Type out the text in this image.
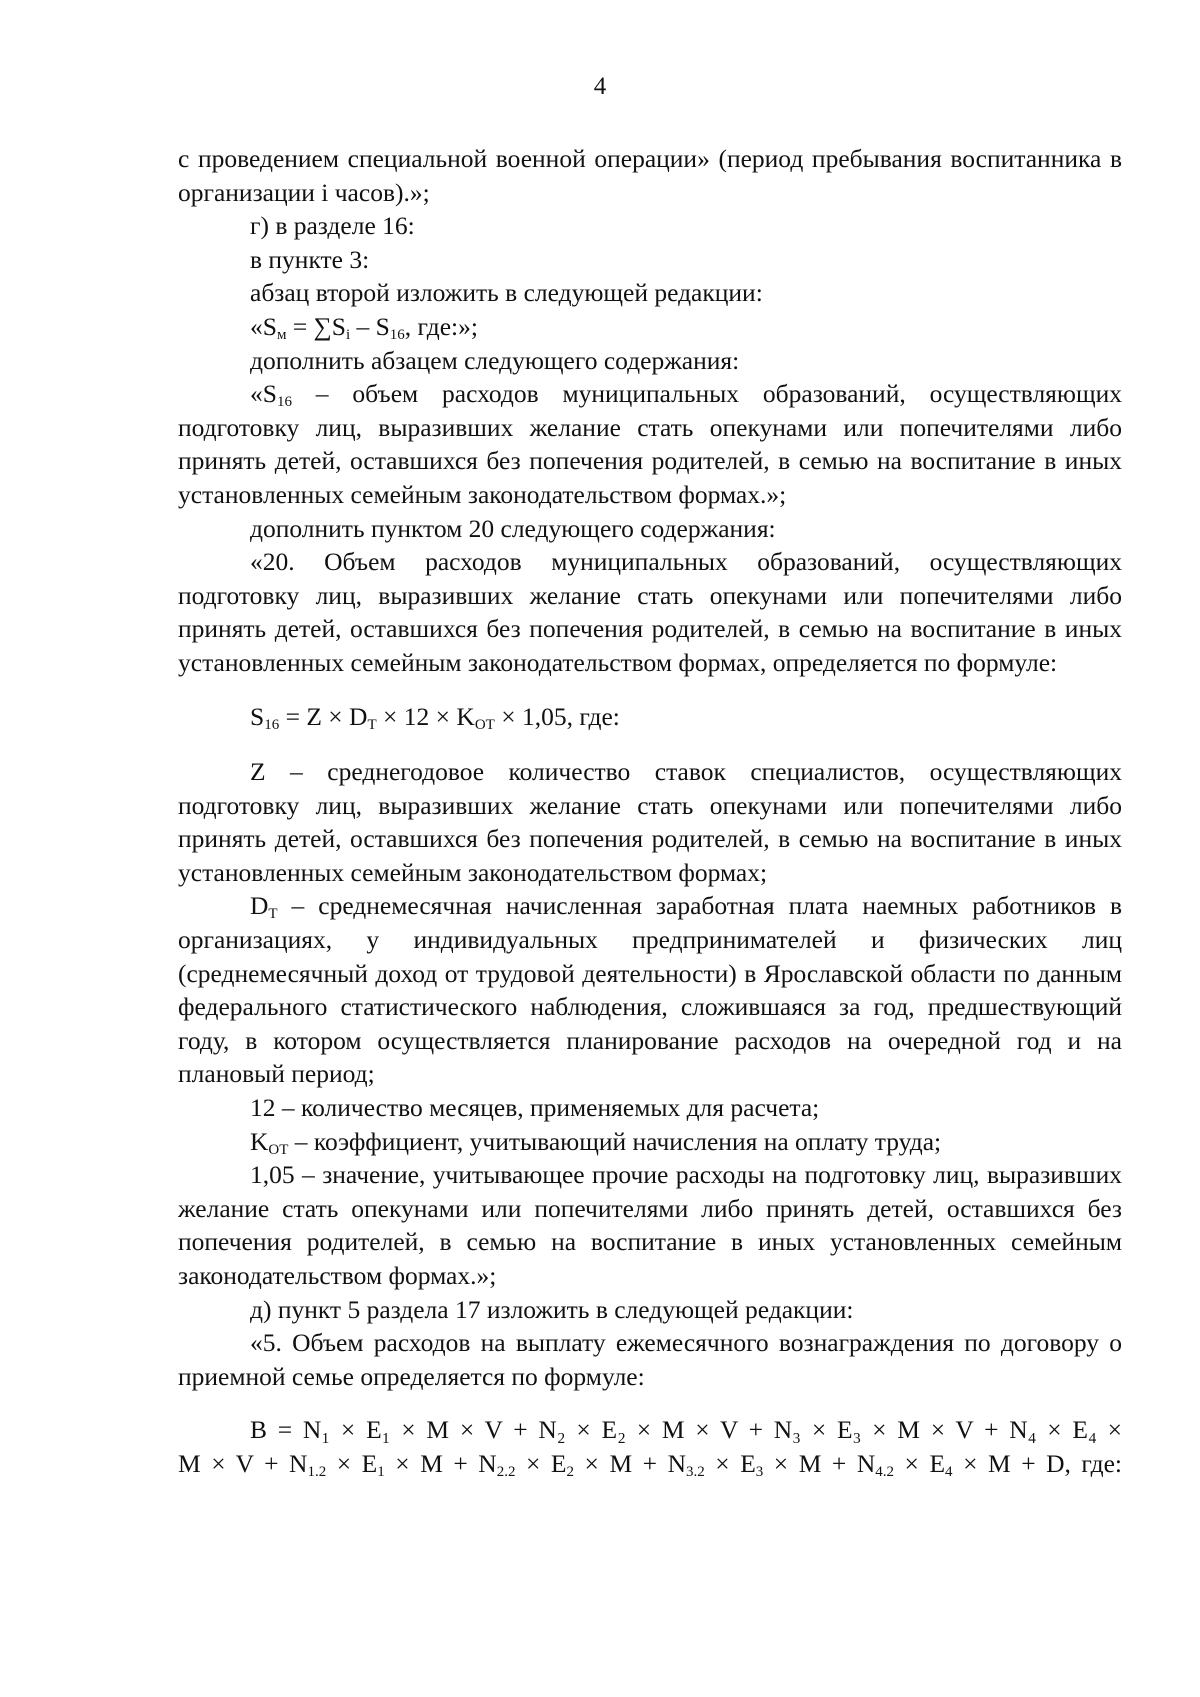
4

с проведением специальной военной операции» (период пребывания воспитанника в организации i часов).»;

г) в разделе 16:

в пункте 3:

абзац второй изложить в следующей редакции:

«$S_м = \sum S_i - S_{16}$, где:»;

дополнить абзацем следующего содержания:

«$S_{16}$ – объем расходов муниципальных образований, осуществляющих подготовку лиц, выразивших желание стать опекунами или попечителями либо принять детей, оставшихся без попечения родителей, в семью на воспитание в иных установленных семейным законодательством формах.»;

дополнить пунктом 20 следующего содержания:

«20. Объем расходов муниципальных образований, осуществляющих подготовку лиц, выразивших желание стать опекунами или попечителями либо принять детей, оставшихся без попечения родителей, в семью на воспитание в иных установленных семейным законодательством формах, определяется по формуле:

$S_{16} = Z \times D_T \times 12 \times K_{OT} \times 1,05$, где:

Z – среднегодовое количество ставок специалистов, осуществляющих подготовку лиц, выразивших желание стать опекунами или попечителями либо принять детей, оставшихся без попечения родителей, в семью на воспитание в иных установленных семейным законодательством формах;

$D_T$ – среднемесячная начисленная заработная плата наемных работников в организациях, у индивидуальных предпринимателей и физических лиц (среднемесячный доход от трудовой деятельности) в Ярославской области по данным федерального статистического наблюдения, сложившаяся за год, предшествующий году, в котором осуществляется планирование расходов на очередной год и на плановый период;

12 – количество месяцев, применяемых для расчета;

$K_{OT}$ – коэффициент, учитывающий начисления на оплату труда;

1,05 – значение, учитывающее прочие расходы на подготовку лиц, выразивших желание стать опекунами или попечителями либо принять детей, оставшихся без попечения родителей, в семью на воспитание в иных установленных семейным законодательством формах.»;

д) пункт 5 раздела 17 изложить в следующей редакции:

«5. Объем расходов на выплату ежемесячного вознаграждения по договору о приемной семье определяется по формуле:

B = N₁ × E₁ × M × V + N₂ × E₂ × M × V + N₃ × E₃ × M × V + N₄ × E₄ ×

$M \times V + N_{1.2} \times E_1 \times M + N_{2.2} \times E_2 \times M + N_{3.2} \times E_3 \times M + N_{4.2} \times E_4 \times M + D$, где:
